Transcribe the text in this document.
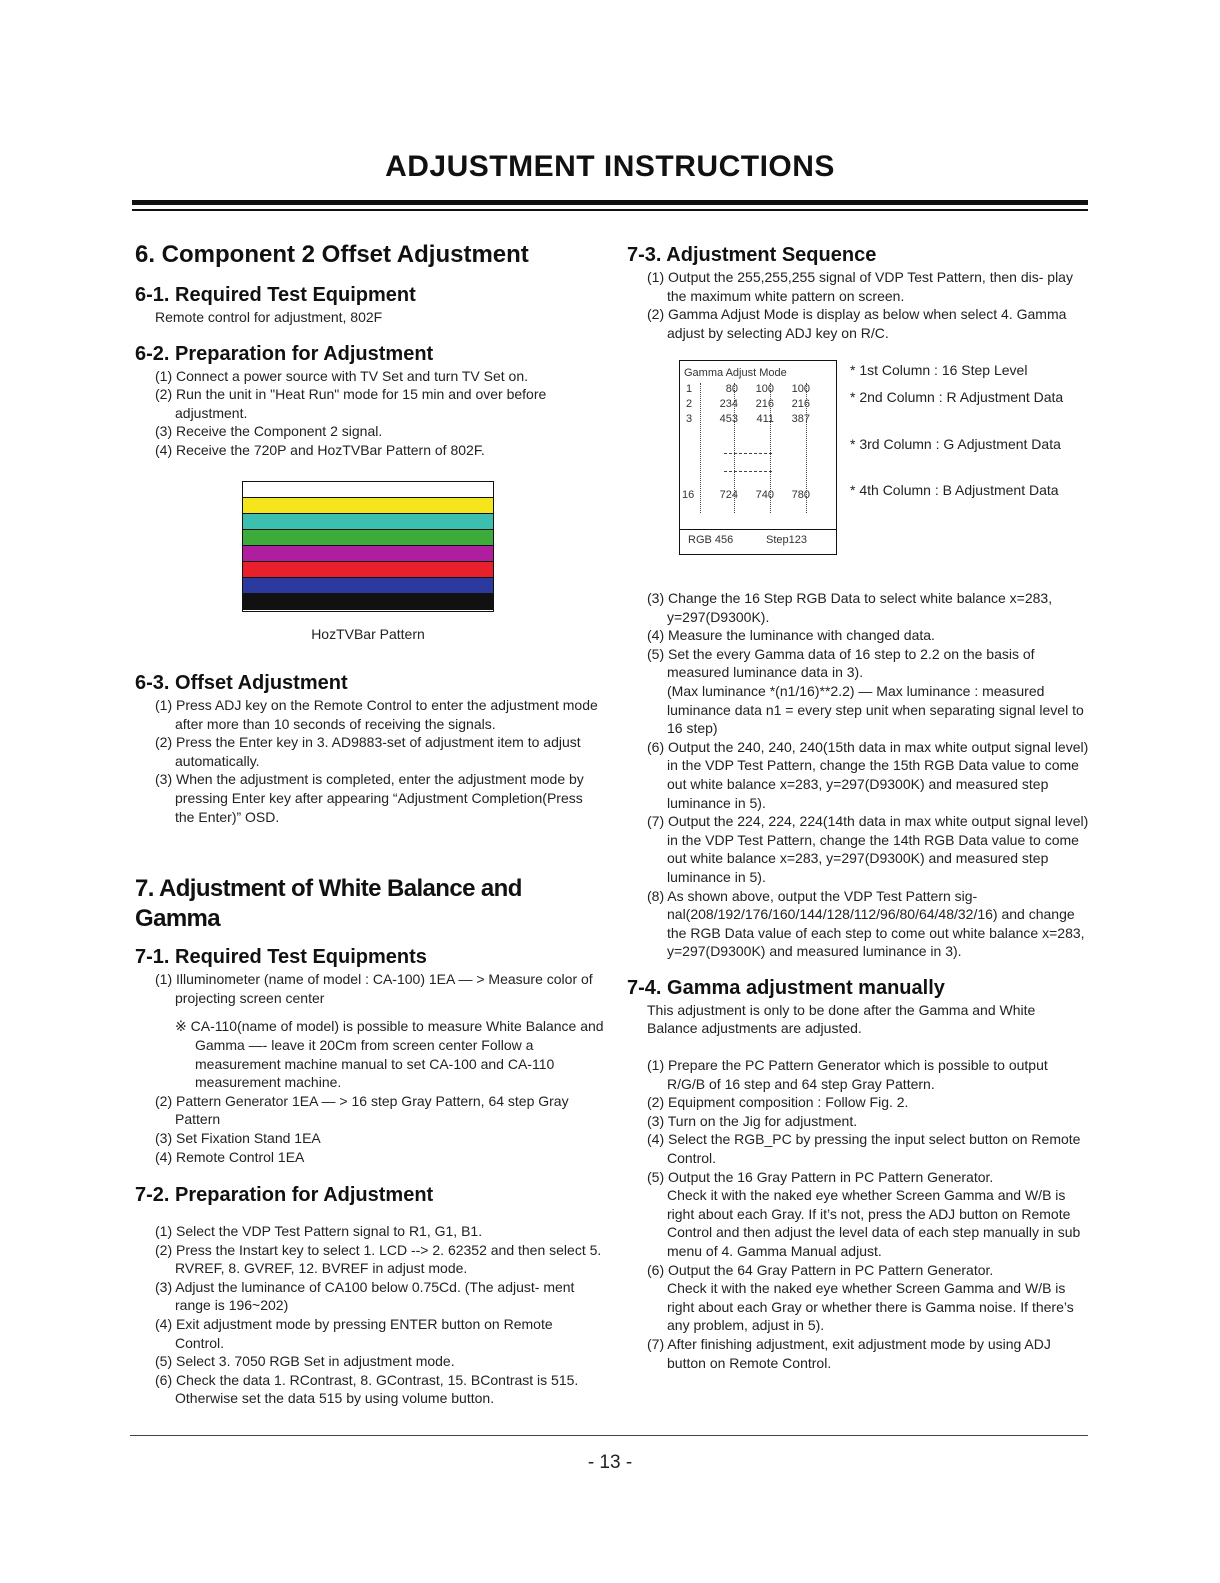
ADJUSTMENT INSTRUCTIONS
6. Component 2 Offset Adjustment
6-1. Required Test Equipment
Remote control for adjustment, 802F
6-2. Preparation for Adjustment
(1) Connect a power source with TV Set and turn TV Set on.
(2) Run the unit in "Heat Run" mode for 15 min and over before adjustment.
(3) Receive the Component 2 signal.
(4) Receive the 720P and HozTVBar Pattern of 802F.
HozTVBar Pattern
6-3. Offset Adjustment
(1) Press ADJ key on the Remote Control to enter the adjustment mode after more than 10 seconds of receiving the signals.
(2) Press the Enter key in 3. AD9883-set of adjustment item to adjust automatically.
(3) When the adjustment is completed, enter the adjustment mode by pressing Enter key after appearing “Adjustment Completion(Press the Enter)” OSD.
7. Adjustment of White Balance and Gamma
7-1. Required Test Equipments
(1) Illuminometer (name of model : CA-100) 1EA — > Measure color of projecting screen center
※ CA-110(name of model) is possible to measure White Balance and Gamma —- leave it 20Cm from screen center Follow a measurement machine manual to set CA-100 and CA-110 measurement machine.
(2) Pattern Generator 1EA — > 16 step Gray Pattern, 64 step Gray Pattern
(3) Set Fixation Stand 1EA
(4) Remote Control 1EA
7-2. Preparation for Adjustment
(1) Select the VDP Test Pattern signal to R1, G1, B1.
(2) Press the Instart key to select 1. LCD --> 2. 62352 and then select 5. RVREF, 8. GVREF, 12. BVREF in adjust mode.
(3) Adjust the luminance of CA100 below 0.75Cd. (The adjust- ment range is 196~202)
(4) Exit adjustment mode by pressing ENTER button on Remote Control.
(5) Select 3. 7050 RGB Set in adjustment mode.
(6) Check the data 1. RContrast, 8. GContrast, 15. BContrast is 515. Otherwise set the data 515 by using volume button.
7-3. Adjustment Sequence
(1) Output the 255,255,255 signal of VDP Test Pattern, then dis- play the maximum white pattern on screen.
(2) Gamma Adjust Mode is display as below when select 4. Gamma adjust by selecting ADJ key on R/C.
Gamma Adjust Mode
1	80	100	100
2	234	216	216
3	453	411	387
16	724	740	780
RGB 456	Step123
* 1st Column : 16 Step Level
* 2nd Column : R Adjustment Data
* 3rd Column : G Adjustment Data
* 4th Column : B Adjustment Data
(3) Change the 16 Step RGB Data to select white balance x=283, y=297(D9300K).
(4) Measure the luminance with changed data.
(5) Set the every Gamma data of 16 step to 2.2 on the basis of measured luminance data in 3).
(Max luminance *(n1/16)**2.2) — Max luminance : measured luminance data n1 = every step unit when separating signal level to 16 step)
(6) Output the 240, 240, 240(15th data in max white output signal level) in the VDP Test Pattern, change the 15th RGB Data value to come out white balance x=283, y=297(D9300K) and measured step luminance in 5).
(7) Output the 224, 224, 224(14th data in max white output signal level) in the VDP Test Pattern, change the 14th RGB Data value to come out white balance x=283, y=297(D9300K) and measured step luminance in 5).
(8) As shown above, output the VDP Test Pattern sig- nal(208/192/176/160/144/128/112/96/80/64/48/32/16) and change the RGB Data value of each step to come out white balance x=283, y=297(D9300K) and measured luminance in 3).
7-4. Gamma adjustment manually
This adjustment is only to be done after the Gamma and White Balance adjustments are adjusted.
(1) Prepare the PC Pattern Generator which is possible to output R/G/B of 16 step and 64 step Gray Pattern.
(2) Equipment composition : Follow Fig. 2.
(3) Turn on the Jig for adjustment.
(4) Select the RGB_PC by pressing the input select button on Remote Control.
(5) Output the 16 Gray Pattern in PC Pattern Generator.
Check it with the naked eye whether Screen Gamma and W/B is right about each Gray. If it’s not, press the ADJ button on Remote Control and then adjust the level data of each step manually in sub menu of 4. Gamma Manual adjust.
(6) Output the 64 Gray Pattern in PC Pattern Generator.
Check it with the naked eye whether Screen Gamma and W/B is right about each Gray or whether there is Gamma noise. If there’s any problem, adjust in 5).
(7) After finishing adjustment, exit adjustment mode by using ADJ button on Remote Control.
- 13 -
